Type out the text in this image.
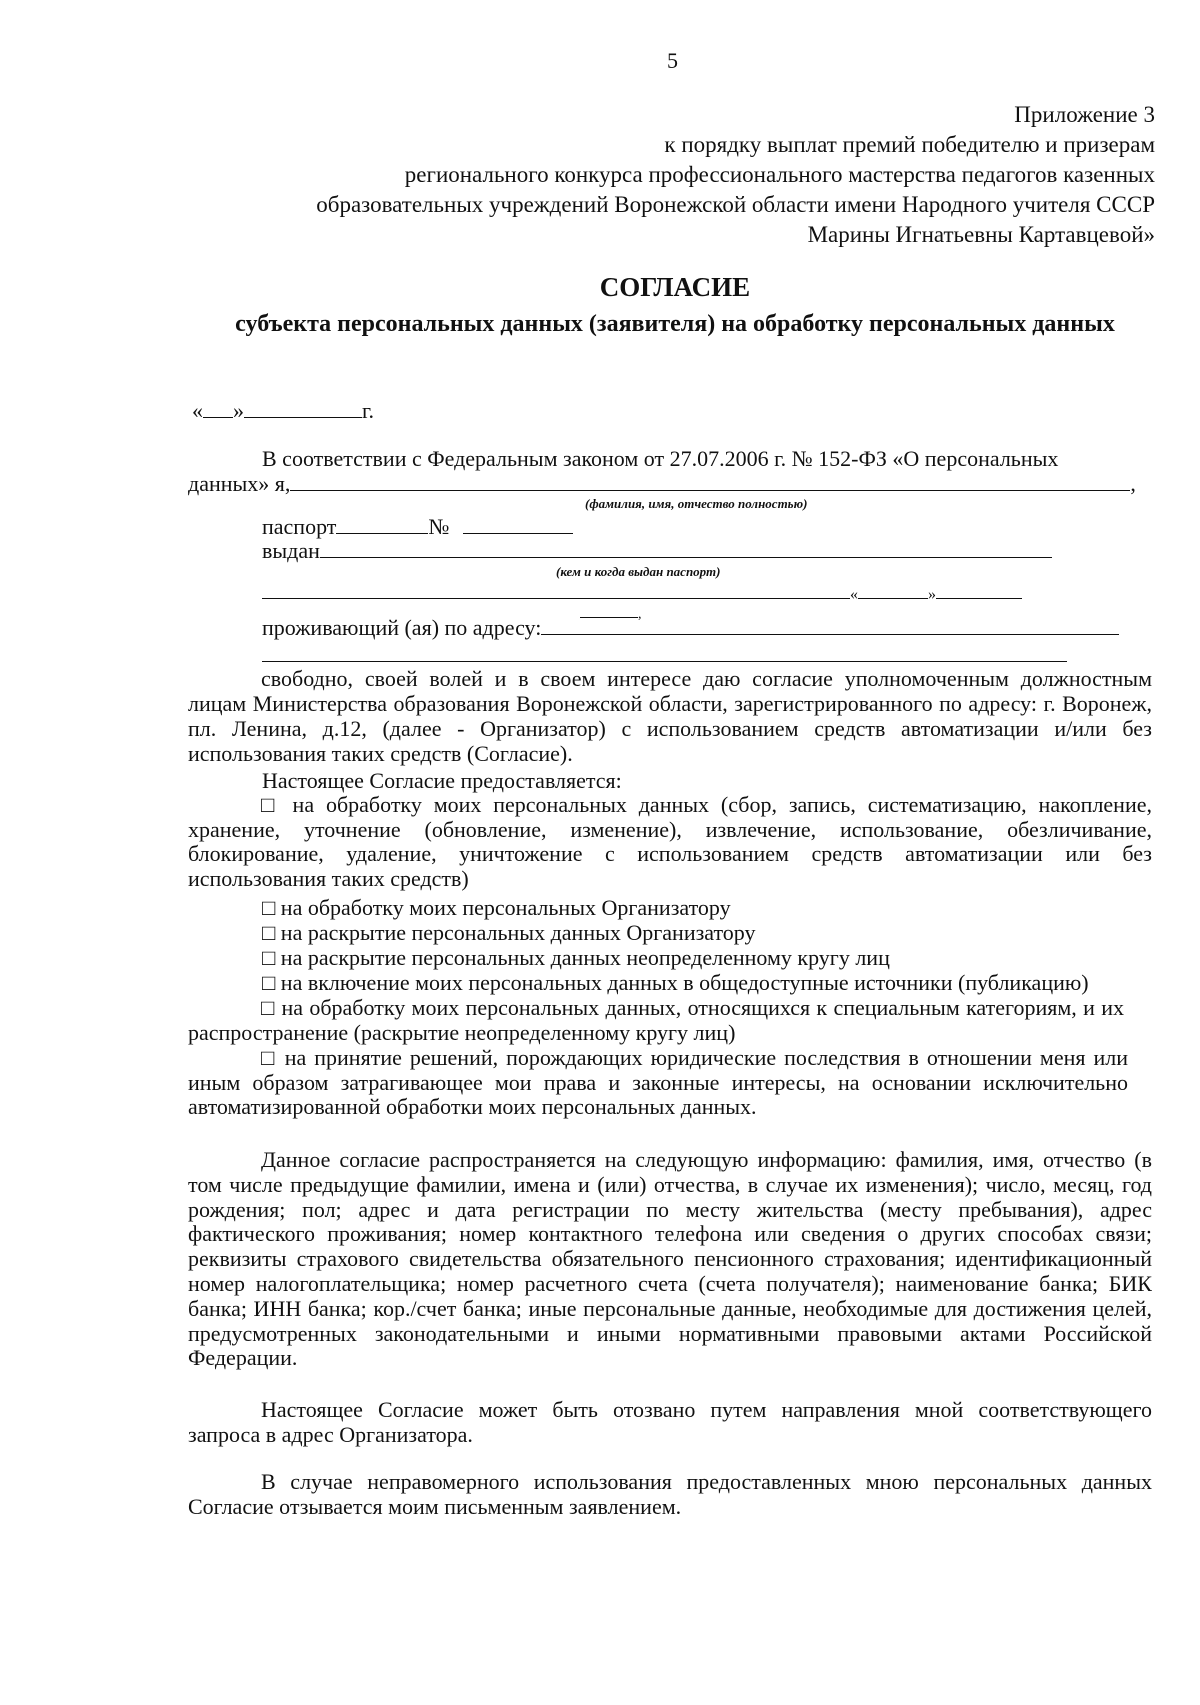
5
Приложение 3
к порядку выплат премий победителю и призерам
регионального конкурса профессионального мастерства педагогов казенных
образовательных учреждений Воронежской области имени Народного учителя СССР
Марины Игнатьевны Картавцевой»
СОГЛАСИЕ
субъекта персональных данных (заявителя) на обработку персональных данных
« »	г.
В соответствии с Федеральным законом от 27.07.2006 г. № 152-ФЗ «О персональных
данных» я,	,
(фамилия, имя, отчество полностью)
паспорт	№
выдан
(кем и когда выдан паспорт)
«	»
,
проживающий (ая) по адресу:
свободно, своей волей и в своем интересе даю согласие уполномоченным должностным лицам Министерства образования Воронежской области, зарегистрированного по адресу: г. Воронеж, пл. Ленина, д.12, (далее - Организатор) с использованием средств автоматизации и/или без использования таких средств (Согласие).
Настоящее Согласие предоставляется:
□ на обработку моих персональных данных (сбор, запись, систематизацию, накопление, хранение, уточнение (обновление, изменение), извлечение, использование, обезличивание, блокирование, удаление, уничтожение с использованием средств автоматизации или без использования таких средств)
□ на обработку моих персональных Организатору
□ на раскрытие персональных данных Организатору
□ на раскрытие персональных данных неопределенному кругу лиц
□ на включение моих персональных данных в общедоступные источники (публикацию)
□ на обработку моих персональных данных, относящихся к специальным категориям, и их распространение (раскрытие неопределенному кругу лиц)
□ на принятие решений, порождающих юридические последствия в отношении меня или иным образом затрагивающее мои права и законные интересы, на основании исключительно автоматизированной обработки моих персональных данных.
Данное согласие распространяется на следующую информацию: фамилия, имя, отчество (в том числе предыдущие фамилии, имена и (или) отчества, в случае их изменения); число, месяц, год рождения; пол; адрес и дата регистрации по месту жительства (месту пребывания), адрес фактического проживания; номер контактного телефона или сведения о других способах связи; реквизиты страхового свидетельства обязательного пенсионного страхования; идентификационный номер налогоплательщика; номер расчетного счета (счета получателя); наименование банка; БИК банка; ИНН банка; кор./счет банка; иные персональные данные, необходимые для достижения целей, предусмотренных законодательными и иными нормативными правовыми актами Российской Федерации.
Настоящее Согласие может быть отозвано путем направления мной соответствующего запроса в адрес Организатора.
В случае неправомерного использования предоставленных мною персональных данных Согласие отзывается моим письменным заявлением.
